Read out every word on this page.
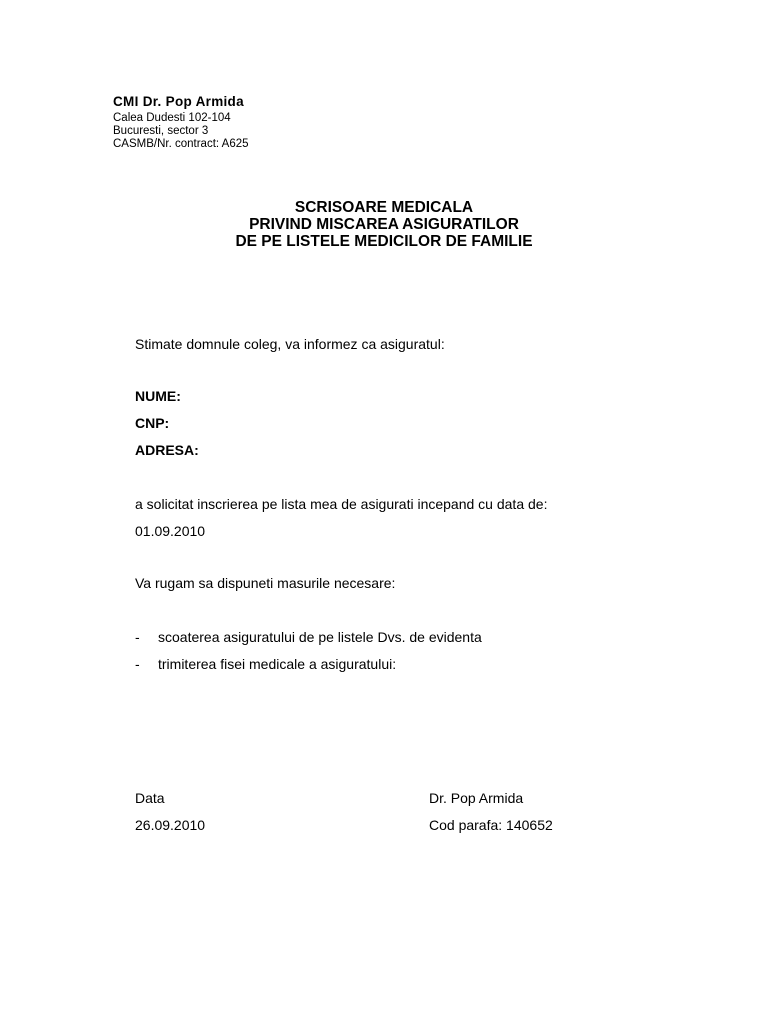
CMI Dr. Pop Armida
Calea Dudesti 102-104
Bucuresti, sector 3
CASMB/Nr. contract: A625
SCRISOARE MEDICALA
PRIVIND MISCAREA ASIGURATILOR
DE PE LISTELE MEDICILOR DE FAMILIE
Stimate domnule coleg, va informez ca asiguratul:
NUME:
CNP:
ADRESA:
a solicitat inscrierea pe lista mea de asigurati incepand cu data de:
01.09.2010
Va rugam sa dispuneti masurile necesare:
- scoaterea asiguratului de pe listele Dvs. de evidenta
- trimiterea fisei medicale a asiguratului:
Data
26.09.2010
Dr. Pop Armida
Cod parafa: 140652
